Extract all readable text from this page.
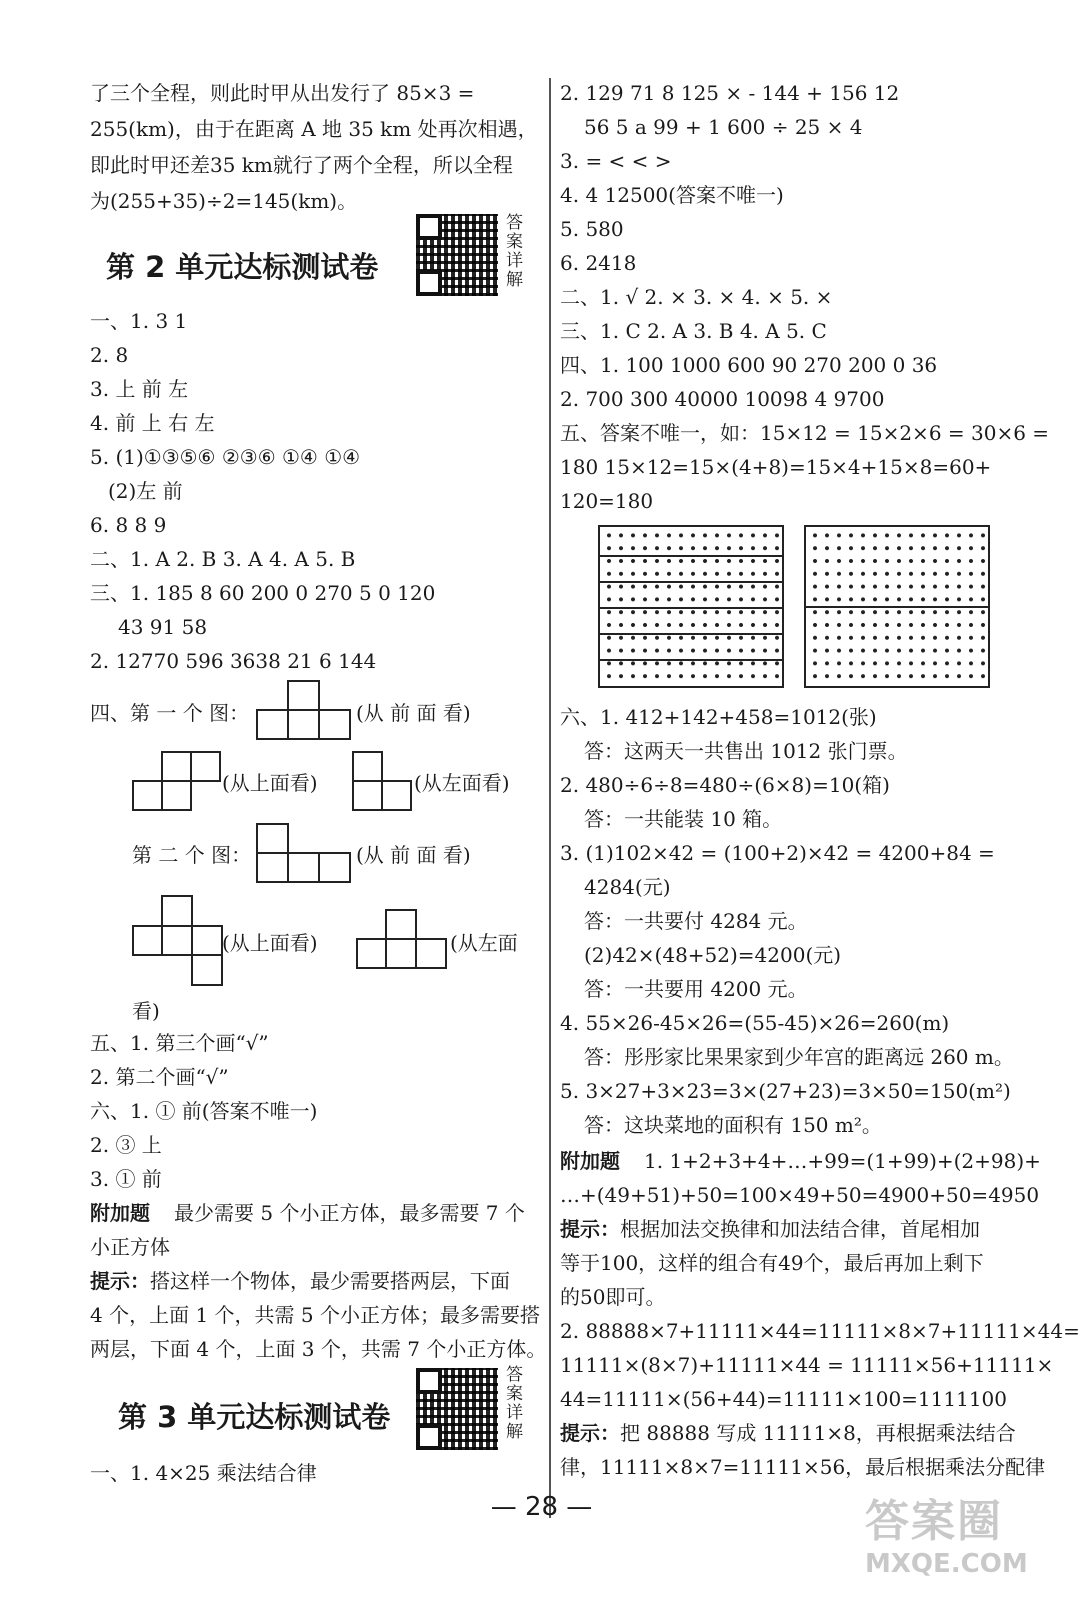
了三个全程，则此时甲从出发行了 85×3 =
255(km)，由于在距离 A 地 35 km 处再次相遇，
即此时甲还差35 km就行了两个全程，所以全程
为(255+35)÷2=145(km)。
第 2 单元达标测试卷
答案详解
一、1. 3 1
2. 8
3. 上 前 左
4. 前 上 右 左
5. (1)①③⑤⑥ ②③⑥ ①④ ①④
(2)左 前
6. 8 8 9
二、1. A 2. B 3. A 4. A 5. B
三、1. 185 8 60 200 0 270 5 0 120
43 91 58
2. 12770 596 3638 21 6 144
四、第 一 个 图：	(从 前 面 看)
(从上面看)	(从左面看)
第 二 个 图：	(从 前 面 看)
(从上面看)	(从左面
看)
五、1. 第三个画“√”
2. 第二个画“√”
六、1. ① 前(答案不唯一)
2. ③ 上
3. ① 前
附加题 最少需要 5 个小正方体，最多需要 7 个
小正方体
提示： 搭这样一个物体，最少需要搭两层，下面
4 个，上面 1 个，共需 5 个小正方体；最多需要搭
两层，下面 4 个，上面 3 个，共需 7 个小正方体。
第 3 单元达标测试卷
答案详解
一、1. 4×25 乘法结合律
2. 129 71 8 125 × - 144 + 156 12
56 5 a 99 + 1 600 ÷ 25 × 4
3. = < < >
4. 4 12500(答案不唯一)
5. 580
6. 2418
二、1. √ 2. × 3. × 4. × 5. ×
三、1. C 2. A 3. B 4. A 5. C
四、1. 100 1000 600 90 270 200 0 36
2. 700 300 40000 10098 4 9700
五、答案不唯一，如：15×12 = 15×2×6 = 30×6 =
180 15×12=15×(4+8)=15×4+15×8=60+
120=180
六、1. 412+142+458=1012(张)
答：这两天一共售出 1012 张门票。
2. 480÷6÷8=480÷(6×8)=10(箱)
答：一共能装 10 箱。
3. (1)102×42 = (100+2)×42 = 4200+84 =
4284(元)
答：一共要付 4284 元。
(2)42×(48+52)=4200(元)
答：一共要用 4200 元。
4. 55×26-45×26=(55-45)×26=260(m)
答：彤彤家比果果家到少年宫的距离远 260 m。
5. 3×27+3×23=3×(27+23)=3×50=150(m²)
答：这块菜地的面积有 150 m²。
附加题 1. 1+2+3+4+…+99=(1+99)+(2+98)+
…+(49+51)+50=100×49+50=4900+50=4950
提示： 根据加法交换律和加法结合律，首尾相加
等于100，这样的组合有49个，最后再加上剩下
的50即可。
2. 88888×7+11111×44=11111×8×7+11111×44=
11111×(8×7)+11111×44 = 11111×56+11111×
44=11111×(56+44)=11111×100=1111100
提示： 把 88888 写成 11111×8，再根据乘法结合
律，11111×8×7=11111×56，最后根据乘法分配律
— 28 —	答案圈
MXQE.COM
